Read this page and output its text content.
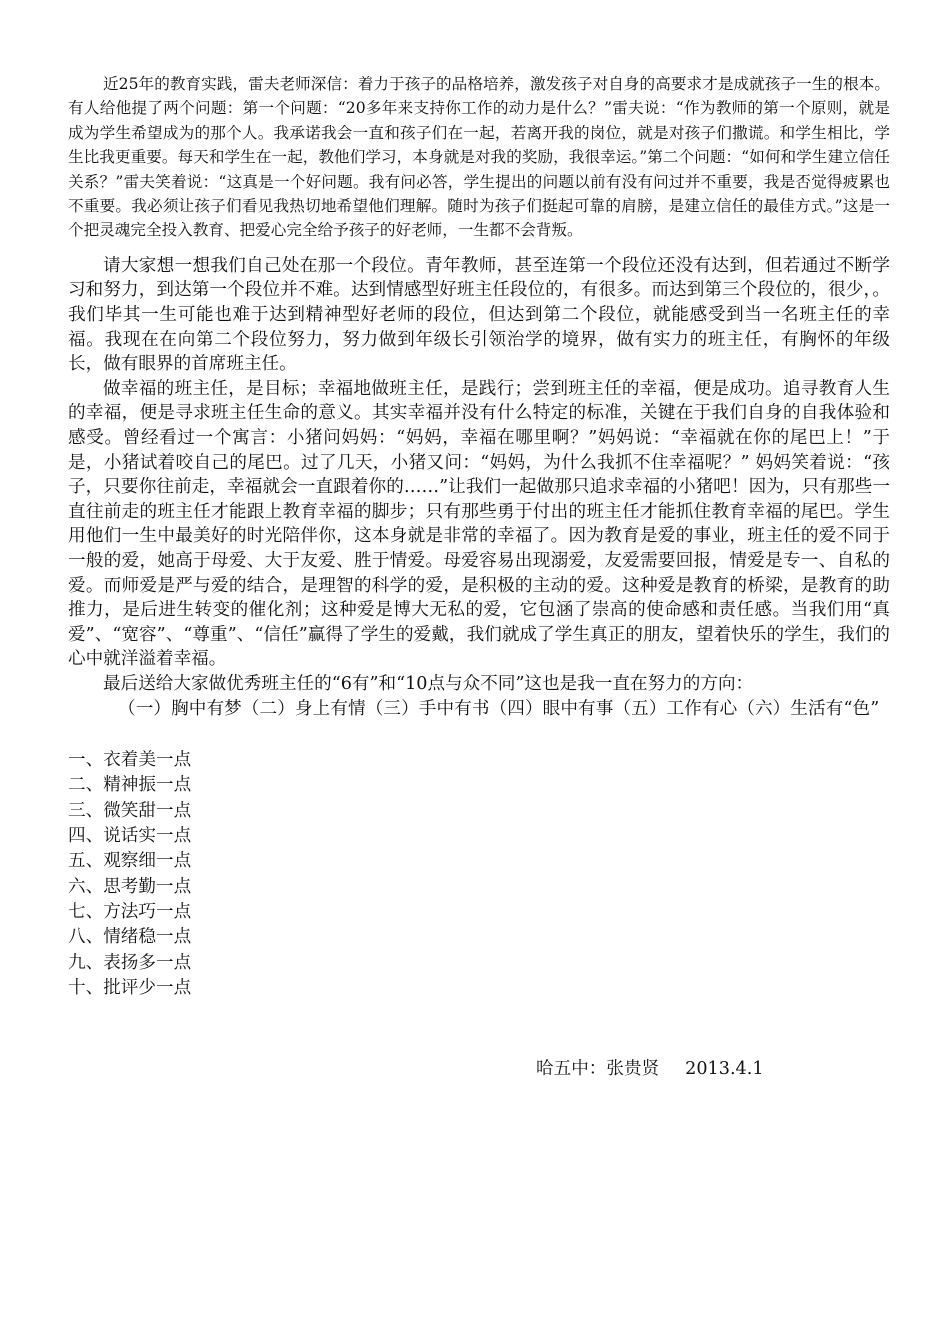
近25年的教育实践，雷夫老师深信：着力于孩子的品格培养，激发孩子对自身的高要求才是成就孩子一生的根本。有人给他提了两个问题：第一个问题：“20多年来支持你工作的动力是什么？”雷夫说：“作为教师的第一个原则，就是成为学生希望成为的那个人。我承诺我会一直和孩子们在一起，若离开我的岗位，就是对孩子们撒谎。和学生相比，学生比我更重要。每天和学生在一起，教他们学习，本身就是对我的奖励，我很幸运。”第二个问题：“如何和学生建立信任关系？”雷夫笑着说：“这真是一个好问题。我有问必答，学生提出的问题以前有没有问过并不重要，我是否觉得疲累也不重要。我必须让孩子们看见我热切地希望他们理解。随时为孩子们挺起可靠的肩膀，是建立信任的最佳方式。”这是一个把灵魂完全投入教育、把爱心完全给予孩子的好老师，一生都不会背叛。

请大家想一想我们自己处在那一个段位。青年教师，甚至连第一个段位还没有达到，但若通过不断学习和努力，到达第一个段位并不难。达到情感型好班主任段位的，有很多。而达到第三个段位的，很少，。我们毕其一生可能也难于达到精神型好老师的段位，但达到第二个段位，就能感受到当一名班主任的幸福。我现在在向第二个段位努力，努力做到年级长引领治学的境界，做有实力的班主任，有胸怀的年级长，做有眼界的首席班主任。

做幸福的班主任，是目标；幸福地做班主任，是践行；尝到班主任的幸福，便是成功。追寻教育人生的幸福，便是寻求班主任生命的意义。其实幸福并没有什么特定的标准，关键在于我们自身的自我体验和感受。曾经看过一个寓言：小猪问妈妈：“妈妈，幸福在哪里啊？”妈妈说：“幸福就在你的尾巴上！”于是，小猪试着咬自己的尾巴。过了几天，小猪又问：“妈妈，为什么我抓不住幸福呢？” 妈妈笑着说：“孩子，只要你往前走，幸福就会一直跟着你的……”让我们一起做那只追求幸福的小猪吧！因为，只有那些一直往前走的班主任才能跟上教育幸福的脚步；只有那些勇于付出的班主任才能抓住教育幸福的尾巴。学生用他们一生中最美好的时光陪伴你，这本身就是非常的幸福了。因为教育是爱的事业，班主任的爱不同于一般的爱，她高于母爱、大于友爱、胜于情爱。母爱容易出现溺爱，友爱需要回报，情爱是专一、自私的爱。而师爱是严与爱的结合，是理智的科学的爱，是积极的主动的爱。这种爱是教育的桥梁，是教育的助推力，是后进生转变的催化剂；这种爱是博大无私的爱，它包涵了崇高的使命感和责任感。当我们用“真爱”、“宽容”、“尊重”、“信任”赢得了学生的爱戴，我们就成了学生真正的朋友，望着快乐的学生，我们的心中就洋溢着幸福。

最后送给大家做优秀班主任的“6有”和“10点与众不同”这也是我一直在努力的方向：

（一）胸中有梦（二）身上有情（三）手中有书（四）眼中有事（五）工作有心（六）生活有“色”

一、衣着美一点
二、精神振一点
三、微笑甜一点
四、说话实一点
五、观察细一点
六、思考勤一点
七、方法巧一点
八、情绪稳一点
九、表扬多一点
十、批评少一点
哈五中：张贵贤 2013.4.1
